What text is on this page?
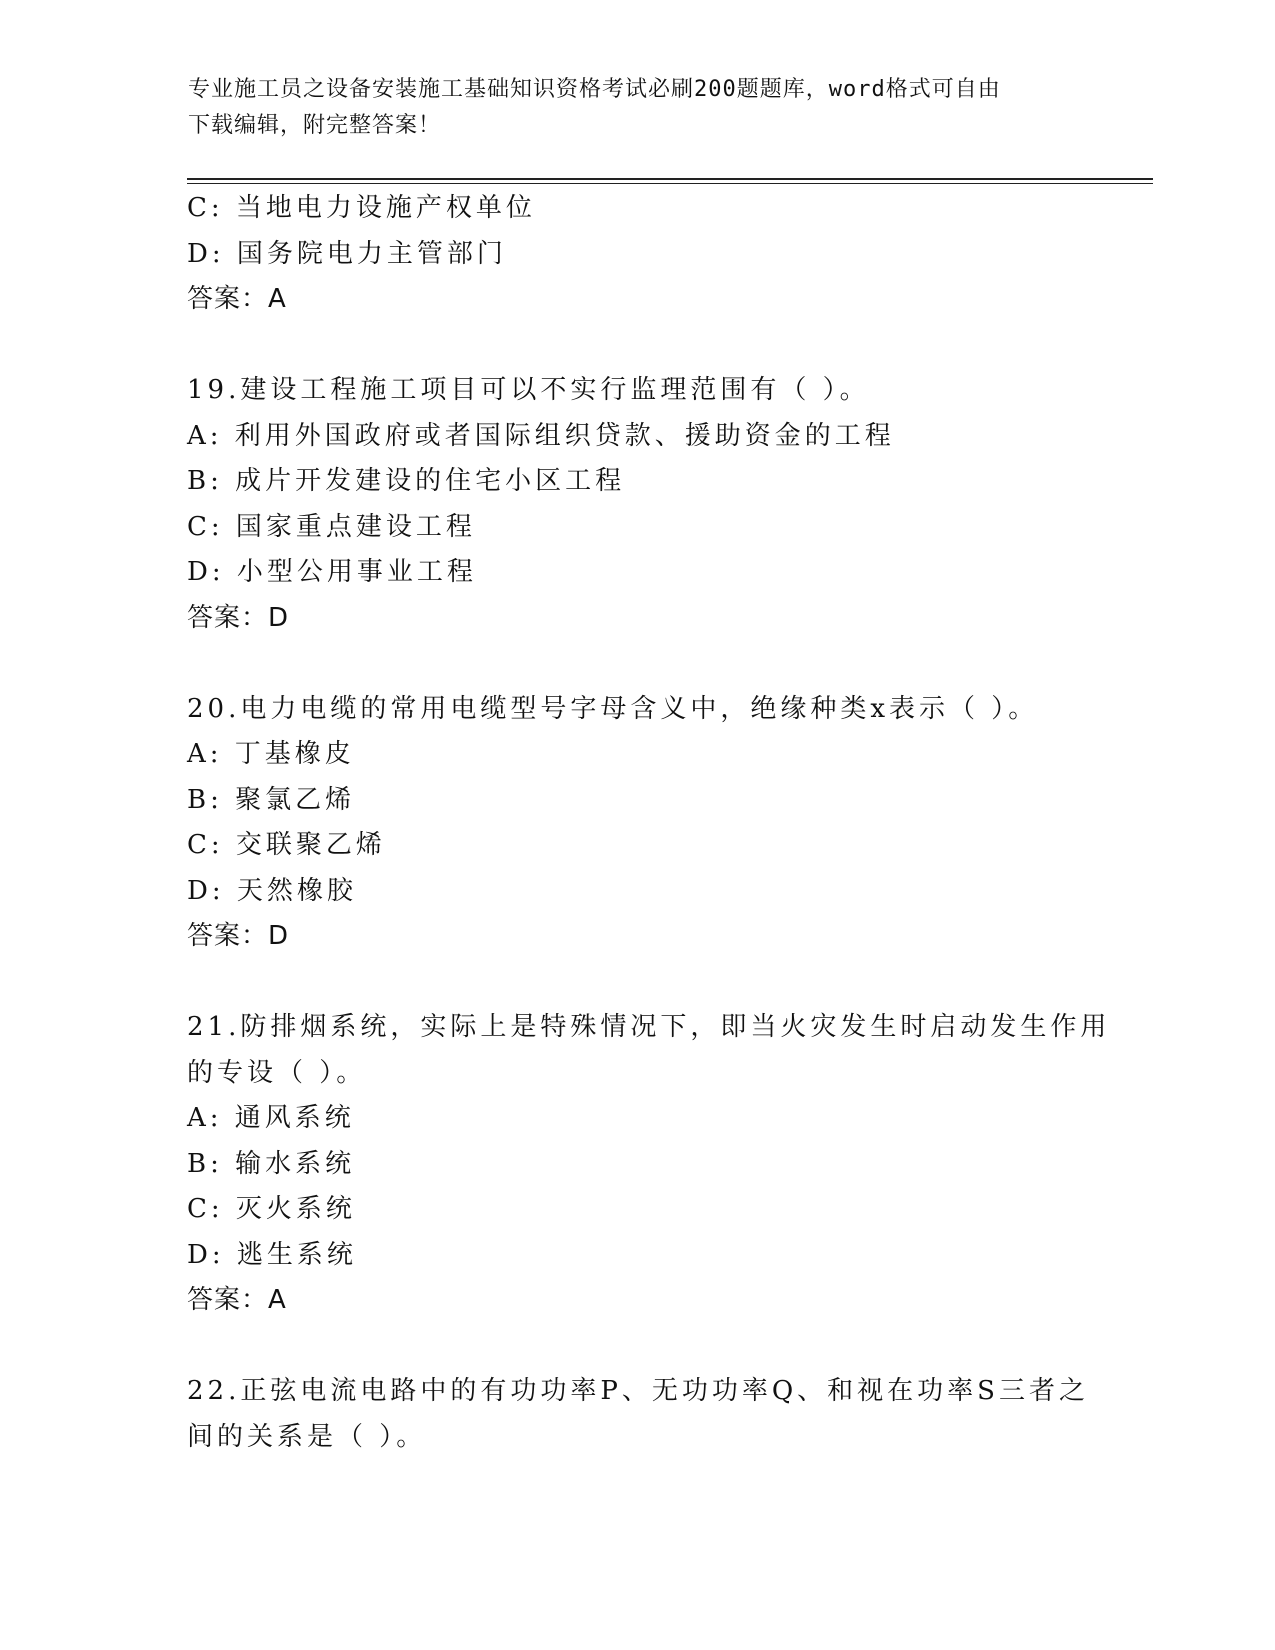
专业施工员之设备安装施工基础知识资格考试必刷200题题库，word格式可自由
下载编辑，附完整答案！
C: 当地电力设施产权单位
D: 国务院电力主管部门
答案：A
19.建设工程施工项目可以不实行监理范围有（ ）。
A: 利用外国政府或者国际组织贷款、援助资金的工程
B: 成片开发建设的住宅小区工程
C: 国家重点建设工程
D: 小型公用事业工程
答案：D
20.电力电缆的常用电缆型号字母含义中，绝缘种类x表示（ ）。
A: 丁基橡皮
B: 聚氯乙烯
C: 交联聚乙烯
D: 天然橡胶
答案：D
21.防排烟系统，实际上是特殊情况下，即当火灾发生时启动发生作用
的专设（ ）。
A: 通风系统
B: 输水系统
C: 灭火系统
D: 逃生系统
答案：A
22.正弦电流电路中的有功功率P、无功功率Q、和视在功率S三者之
间的关系是（ ）。
